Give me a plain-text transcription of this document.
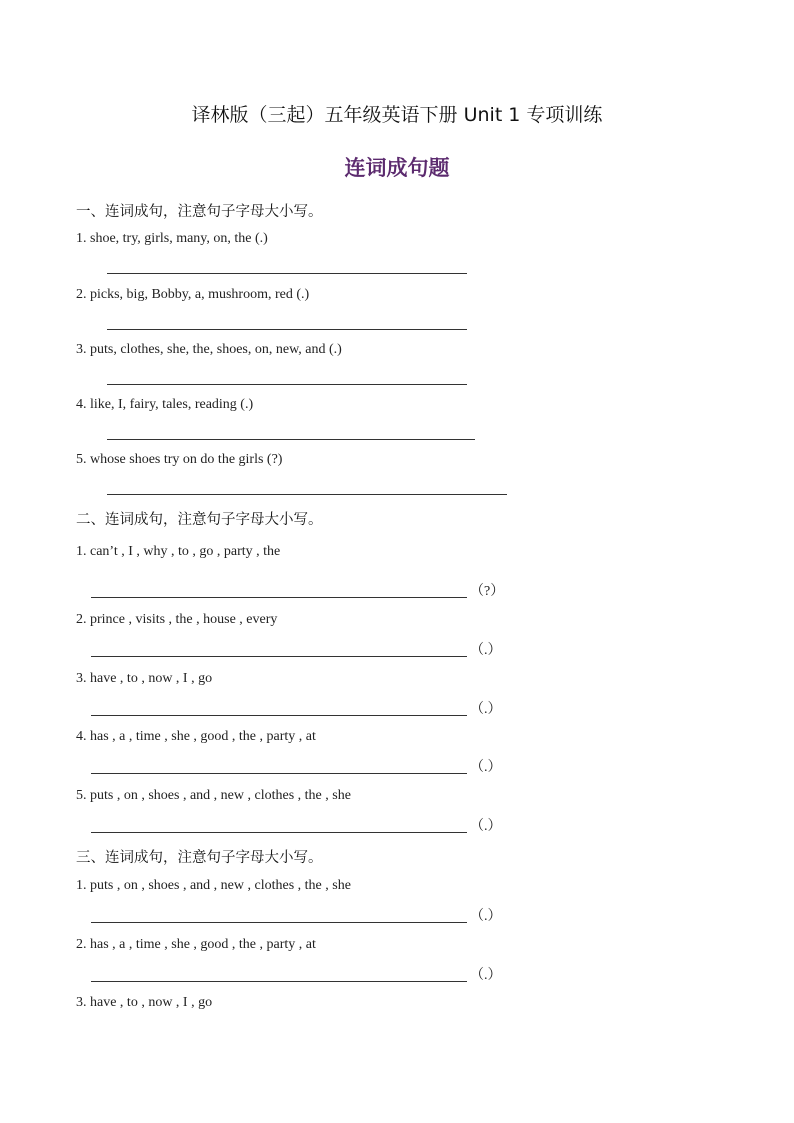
译林版（三起）五年级英语下册 Unit 1 专项训练
连词成句题
一、连词成句，注意句子字母大小写。
1. shoe, try, girls, many, on, the (.)
2. picks, big, Bobby, a, mushroom, red (.)
3. puts, clothes, she, the, shoes, on, new, and (.)
4. like, I, fairy, tales, reading (.)
5. whose shoes try on do the girls (?)
二、连词成句，注意句子字母大小写。
1. can’t , I , why , to , go , party , the
（?）
2. prince , visits , the , house , every
（.）
3. have , to , now , I , go
（.）
4. has , a , time , she , good , the , party , at
（.）
5. puts , on , shoes , and , new , clothes , the , she
（.）
三、连词成句，注意句子字母大小写。
1. puts , on , shoes , and , new , clothes , the , she
（.）
2. has , a , time , she , good , the , party , at
（.）
3. have , to , now , I , go
